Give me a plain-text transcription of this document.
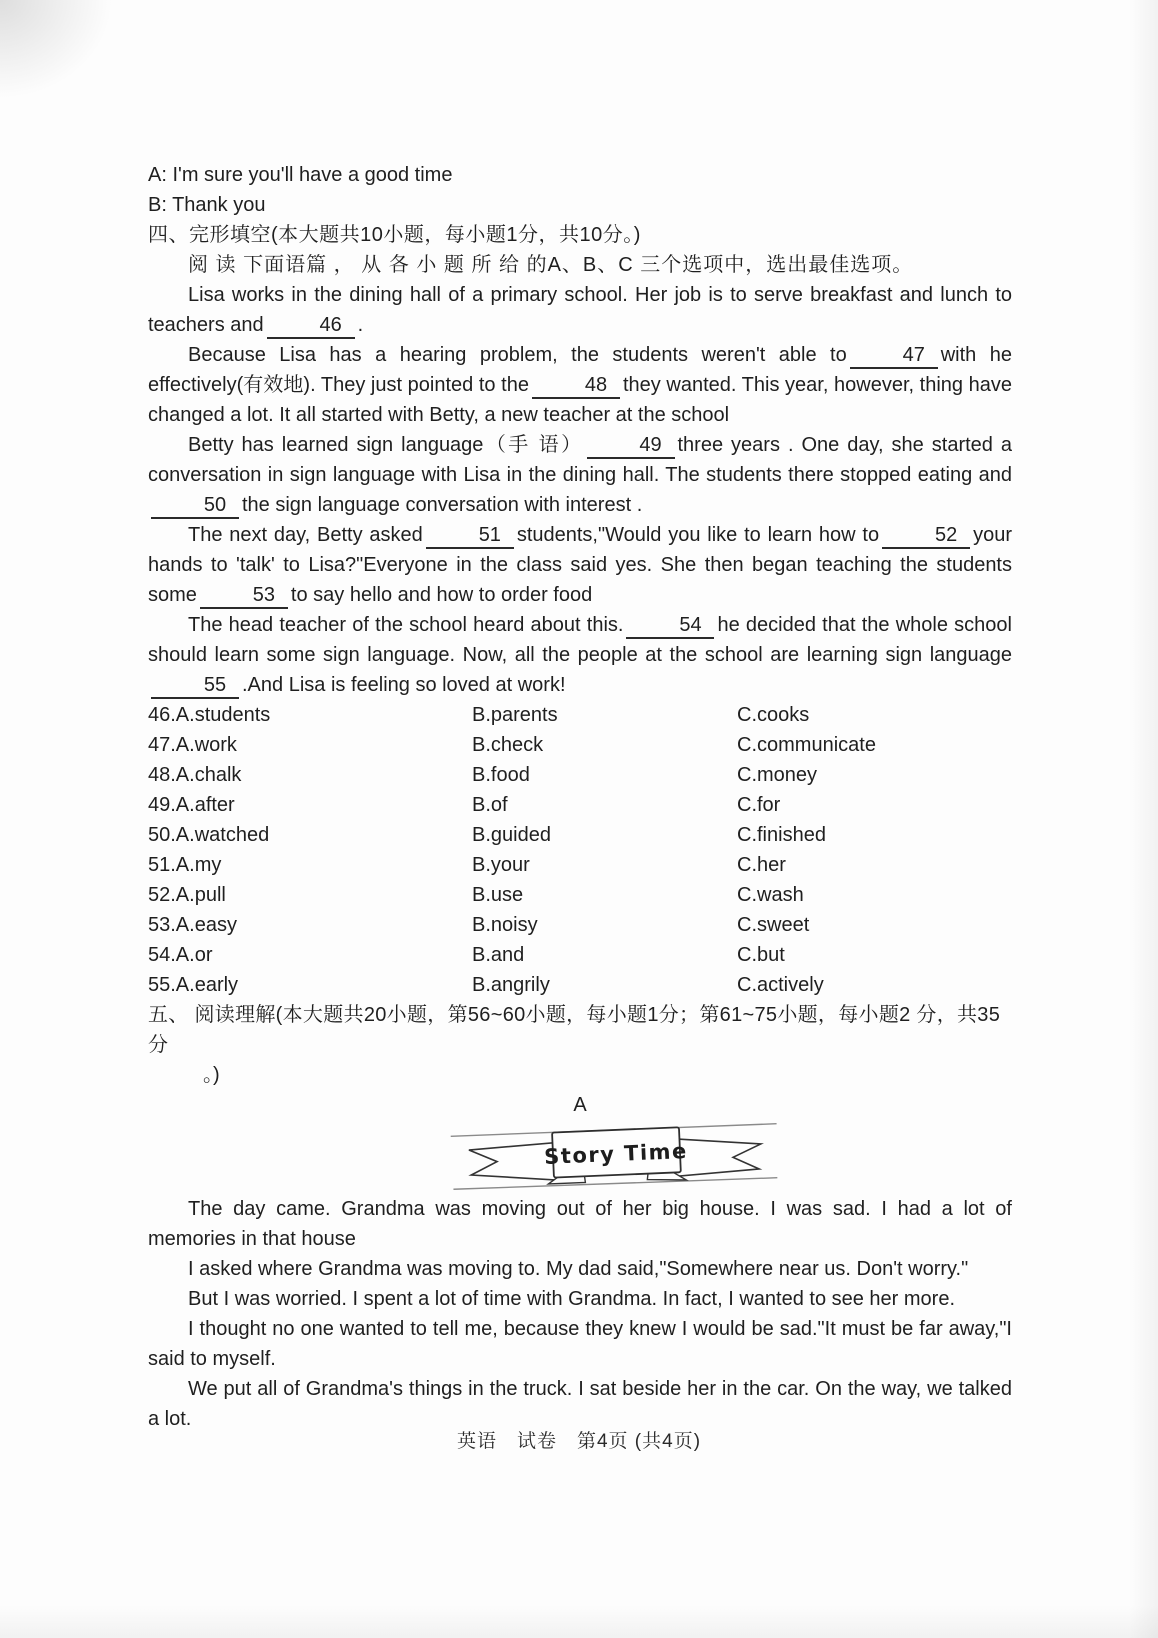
A: I'm sure you'll have a good time
B: Thank you
四、完形填空(本大题共10小题，每小题1分，共10分。)
阅 读 下面语篇 ， 从 各 小 题 所 给 的A、B、C 三个选项中，选出最佳选项。

Lisa works in the dining hall of a primary school. Her job is to serve breakfast and lunch to teachers and	46 .

Because Lisa has a hearing problem, the students weren't able to	47 with he effectively(有效地). They just pointed to the	48 they wanted. This year, however, thing have changed a lot. It all started with Betty, a new teacher at the school

Betty has learned sign language（手 语）	49 three years . One day, she started a conversation in sign language with Lisa in the dining hall. The students there stopped eating and50 the sign language conversation with interest .

The next day, Betty asked	51 students,"Would you like to learn how to	52 your hands to 'talk' to Lisa?"Everyone in the class said yes. She then began teaching the students some	53 to say hello and how to order food

The head teacher of the school heard about this.	54 he decided that the whole school should learn some sign language. Now, all the people at the school are learning sign language 55 .And Lisa is feeling so loved at work!

46.A.students	B.parents	C.cooks
47.A.work	B.check	C.communicate
48.A.chalk	B.food	C.money
49.A.after	B.of	C.for
50.A.watched	B.guided	C.finished
51.A.my	B.your	C.her
52.A.pull	B.use	C.wash
53.A.easy	B.noisy	C.sweet
54.A.or	B.and	C.but
55.A.early	B.angrily	C.actively
五、 阅读理解(本大题共20小题，第56~60小题，每小题1分；第61~75小题，每小题2 分，共35分
。)
A
Story Time

The day came. Grandma was moving out of her big house. I was sad. I had a lot of memories in that house

I asked where Grandma was moving to. My dad said,"Somewhere near us. Don't worry."

But I was worried. I spent a lot of time with Grandma. In fact, I wanted to see her more.

I thought no one wanted to tell me, because they knew I would be sad."It must be far away,"I said to myself.

We put all of Grandma's things in the truck. I sat beside her in the car. On the way, we talked a lot.

英语　试卷　第4页 (共4页)
